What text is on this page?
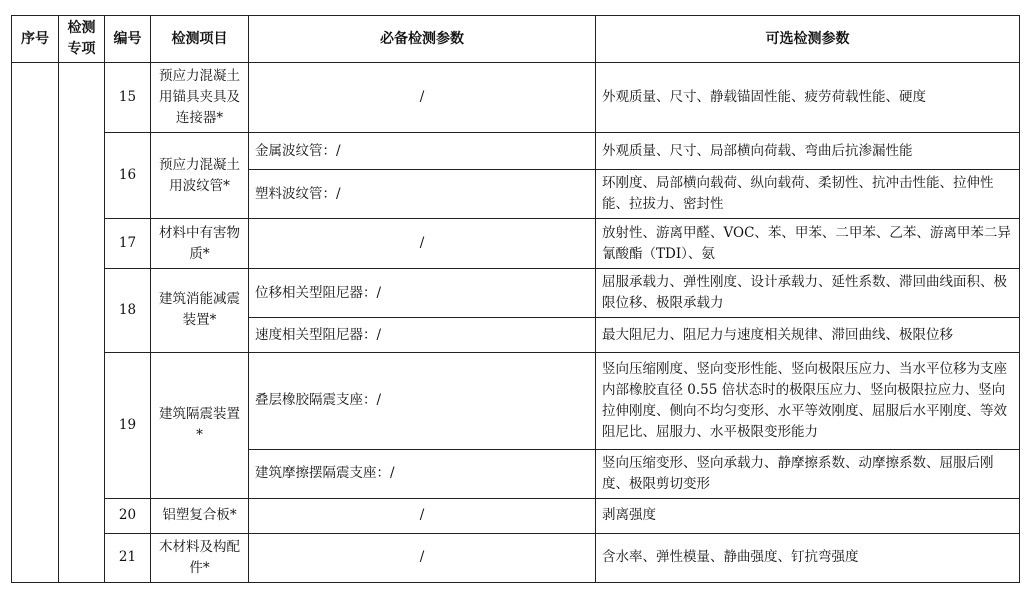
序号	检测专项	编号	检测项目	必备检测参数	可选检测参数
		15	预应力混凝土用锚具夹具及连接器*	/	外观质量、尺寸、静载锚固性能、疲劳荷载性能、硬度
		16	预应力混凝土用波纹管*	金属波纹管：/	外观质量、尺寸、局部横向荷载、弯曲后抗渗漏性能
				塑料波纹管：/	环刚度、局部横向载荷、纵向载荷、柔韧性、抗冲击性能、拉伸性能、拉拔力、密封性
		17	材料中有害物质*	/	放射性、游离甲醛、VOC、苯、甲苯、二甲苯、乙苯、游离甲苯二异氰酸酯（TDI）、氨
		18	建筑消能减震装置*	位移相关型阻尼器：/	屈服承载力、弹性刚度、设计承载力、延性系数、滞回曲线面积、极限位移、极限承载力
				速度相关型阻尼器：/	最大阻尼力、阻尼力与速度相关规律、滞回曲线、极限位移
		19	建筑隔震装置*	叠层橡胶隔震支座：/	竖向压缩刚度、竖向变形性能、竖向极限压应力、当水平位移为支座内部橡胶直径 0.55 倍状态时的极限压应力、竖向极限拉应力、竖向拉伸刚度、侧向不均匀变形、水平等效刚度、屈服后水平刚度、等效阻尼比、屈服力、水平极限变形能力
				建筑摩擦摆隔震支座：/	竖向压缩变形、竖向承载力、静摩擦系数、动摩擦系数、屈服后刚度、极限剪切变形
		20	铝塑复合板*	/	剥离强度
		21	木材料及构配件*	/	含水率、弹性模量、静曲强度、钉抗弯强度
